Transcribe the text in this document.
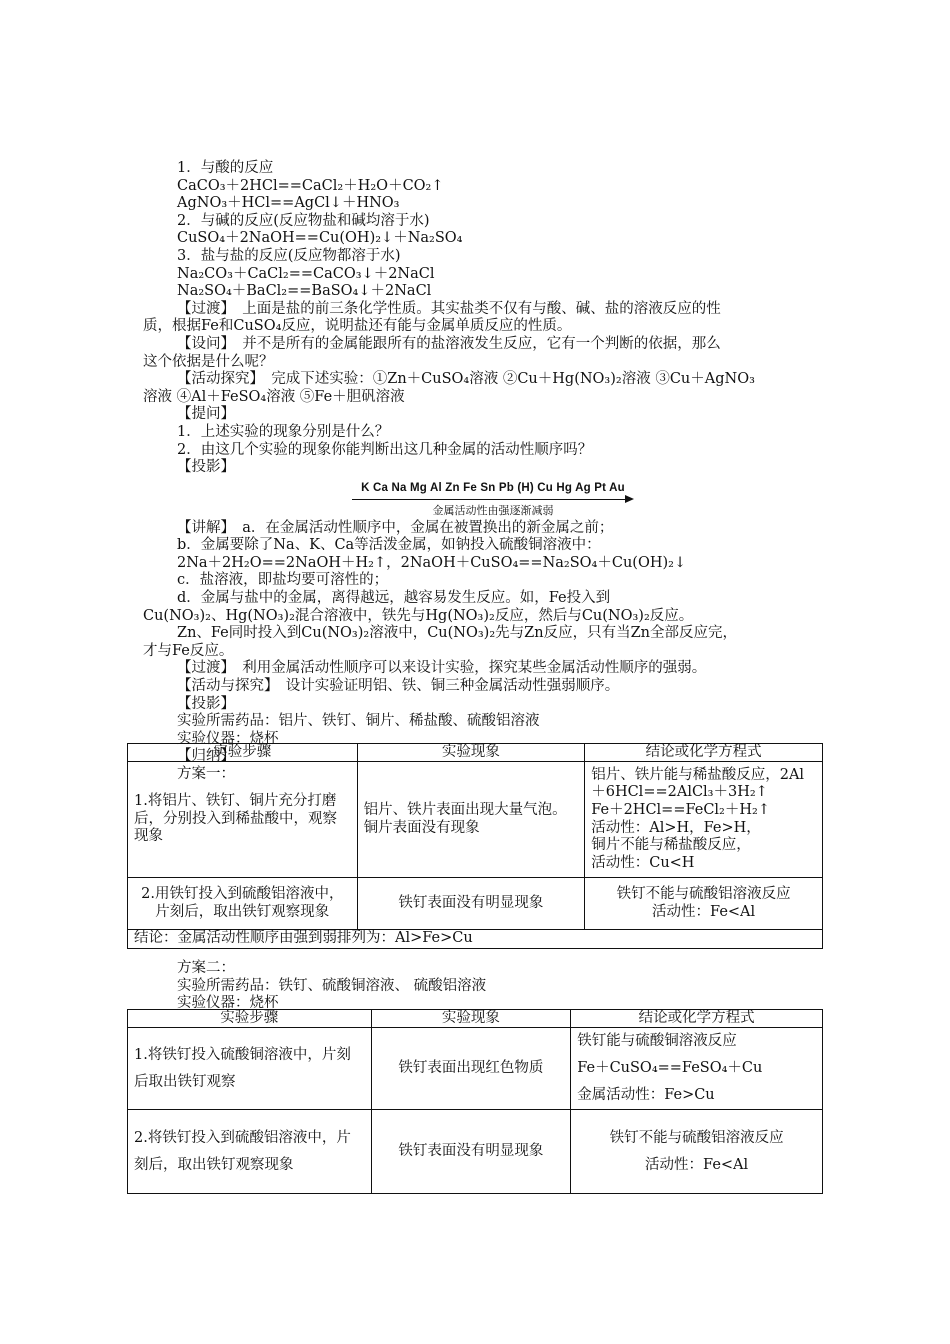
1．与酸的反应

CaCO₃＋2HCl==CaCl₂＋H₂O＋CO₂↑

AgNO₃＋HCl==AgCl↓＋HNO₃

2．与碱的反应(反应物盐和碱均溶于水)

CuSO₄＋2NaOH==Cu(OH)₂↓＋Na₂SO₄

3．盐与盐的反应(反应物都溶于水)

Na₂CO₃＋CaCl₂==CaCO₃↓＋2NaCl

Na₂SO₄＋BaCl₂==BaSO₄↓＋2NaCl

【过渡】　上面是盐的前三条化学性质。其实盐类不仅有与酸、碱、盐的溶液反应的性

质，根据Fe和CuSO₄反应，说明盐还有能与金属单质反应的性质。

【设问】　并不是所有的金属能跟所有的盐溶液发生反应，它有一个判断的依据，那么

这个依据是什么呢？

【活动探究】　完成下述实验：①Zn＋CuSO₄溶液 ②Cu＋Hg(NO₃)₂溶液 ③Cu＋AgNO₃

溶液 ④Al＋FeSO₄溶液 ⑤Fe＋胆矾溶液

【提问】

1．上述实验的现象分别是什么？

2．由这几个实验的现象你能判断出这几种金属的活动性顺序吗？

【投影】

K Ca Na Mg Al Zn Fe Sn Pb (H) Cu Hg Ag Pt Au
金属活动性由强逐渐减弱

【讲解】　a．在金属活动性顺序中，金属在被置换出的新金属之前；

b．金属要除了Na、K、Ca等活泼金属，如钠投入硫酸铜溶液中：

2Na＋2H₂O==2NaOH＋H₂↑，2NaOH＋CuSO₄==Na₂SO₄＋Cu(OH)₂↓

c．盐溶液，即盐均要可溶性的；

d．金属与盐中的金属，离得越远，越容易发生反应。如，Fe投入到

Cu(NO₃)₂、Hg(NO₃)₂混合溶液中，铁先与Hg(NO₃)₂反应，然后与Cu(NO₃)₂反应。

Zn、Fe同时投入到Cu(NO₃)₂溶液中，Cu(NO₃)₂先与Zn反应，只有当Zn全部反应完，

才与Fe反应。

【过渡】　利用金属活动性顺序可以来设计实验，探究某些金属活动性顺序的强弱。

【活动与探究】　设计实验证明铝、铁、铜三种金属活动性强弱顺序。

【投影】

实验所需药品：铝片、铁钉、铜片、稀盐酸、硫酸铝溶液

实验仪器：烧杯

【归纳】

方案一：

实验步骤	实验现象	结论或化学方程式
1.将铝片、铁钉、铜片充分打磨后，分别投入到稀盐酸中，观察现象	铝片、铁片表面出现大量气泡。铜片表面没有现象	铝片、铁片能与稀盐酸反应，2Al＋6HCl==2AlCl₃＋3H₂↑
Fe＋2HCl==FeCl₂＋H₂↑
活动性：Al>H，Fe>H，
铜片不能与稀盐酸反应，
活动性：Cu<H

2.用铁钉投入到硫酸铝溶液中，片刻后，取出铁钉观察现象	铁钉表面没有明显现象	铁钉不能与硫酸铝溶液反应
活动性：Fe<Al

结论：金属活动性顺序由强到弱排列为：Al>Fe>Cu		

方案二：

实验所需药品：铁钉、硫酸铜溶液、 硫酸铝溶液

实验仪器：烧杯

实验步骤	实验现象	结论或化学方程式
1.将铁钉投入硫酸铜溶液中，片刻后取出铁钉观察	铁钉表面出现红色物质	铁钉能与硫酸铜溶液反应
Fe＋CuSO₄==FeSO₄＋Cu
金属活动性：Fe>Cu

2.将铁钉投入到硫酸铝溶液中，片刻后，取出铁钉观察现象	铁钉表面没有明显现象	铁钉不能与硫酸铝溶液反应
活动性：Fe<Al
